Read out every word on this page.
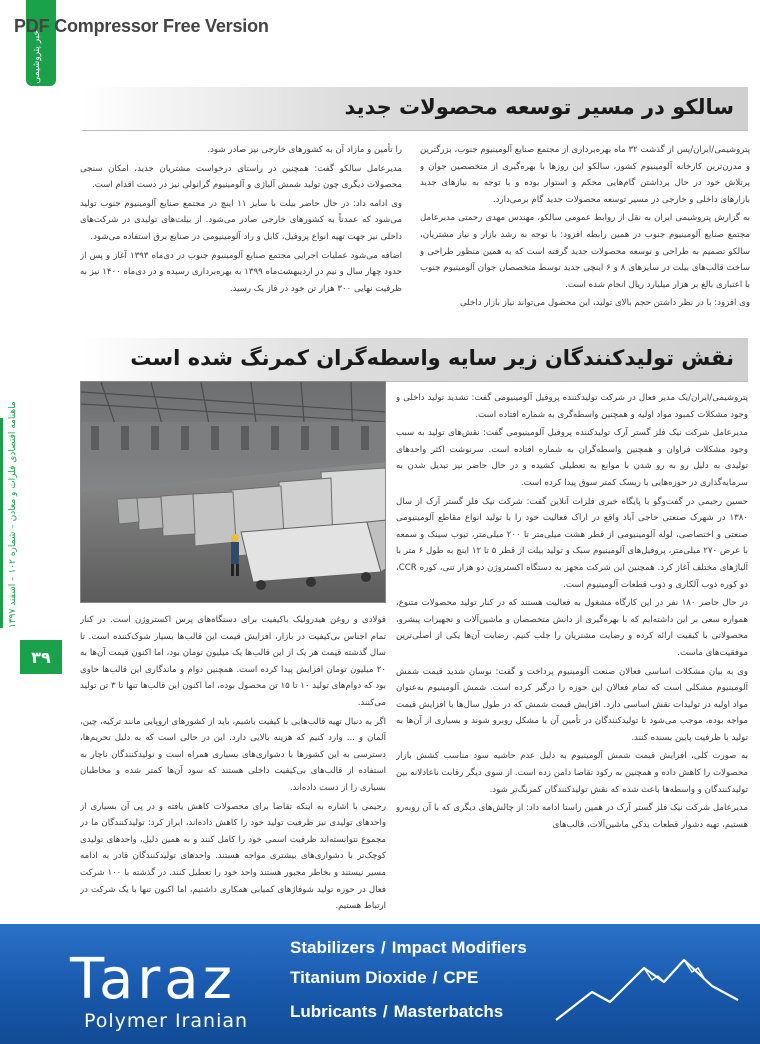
PDF Compressor Free Version
خبر پتروشیمی
ماهنامه اقتصادی فلزات و معادن – شماره ۱۰۲ – اسفند ۱۳۹۷
۳۹
سالکو در مسیر توسعه محصولات جدید

پتروشیمی/ایران/پس از گذشت ۳۲ ماه بهره‌برداری از مجتمع صنایع آلومینیوم جنوب، بزرگترین و مدرن‌ترین کارخانه آلومینیوم کشور، سالکو این روزها با بهره‌گیری از متخصصین جوان و پرتلاش خود در حال برداشتن گام‌هایی محکم و استوار بوده و با توجه به نیازهای جدید بازارهای داخلی و خارجی در مسیر توسعه محصولات جدید گام برمی‌دارد.

به گزارش پتروشیمی ایران به نقل از روابط عمومی سالکو، مهندس مهدی رحمتی مدیرعامل مجتمع صنایع آلومینیوم جنوب در همین رابطه افزود: با توجه به رشد بازار و نیاز مشتریان، سالکو تصمیم به طراحی و توسعه محصولات جدید گرفته است که به همین منظور طراحی و ساخت قالب‌های بیلت در سایزهای ۸ و ۶ اینچی جدید توسط متخصصان جوان آلومینیوم جنوب با اعتباری بالغ بر هزار میلیارد ریال انجام شده است.

وی افزود: با در نظر داشتن حجم بالای تولید، این محصول می‌تواند نیاز بازار داخلی

را تأمین و مازاد آن به کشورهای خارجی نیز صادر شود.

مدیرعامل سالکو گفت: همچنین در راستای درخواست مشتریان جدید، امکان سنجی محصولات دیگری چون تولید شمش آلیاژی و آلومینیوم گرانولی نیز در دست اقدام است.

وی ادامه داد: در حال حاضر بیلت با سایز ۱۱ اینچ در مجتمع صنایع آلومینیوم جنوب تولید می‌شود که عمدتاً به کشورهای خارجی صادر می‌شود. از بیلت‌های تولیدی در شرکت‌های داخلی نیز جهت تهیه انواع پروفیل، کابل و راد آلومینیومی در صنایع برق استفاده می‌شود.

اضافه می‌شود عملیات اجرایی مجتمع صنایع آلومینیوم جنوب در دی‌ماه ۱۳۹۳ آغاز و پس از حدود چهار سال و نیم در اردیبهشت‌ماه ۱۳۹۹ به بهره‌برداری رسیده و در دی‌ماه ۱۴۰۰ نیز به ظرفیت نهایی ۳۰۰ هزار تن خود در فاز یک رسید.

نقش تولیدکنندگان زیر سایه واسطه‌گران کمرنگ شده است

پتروشیمی/ایران/یک مدیر فعال در شرکت تولیدکننده پروفیل آلومینیومی گفت: تشدید تولید داخلی و وجود مشکلات کمبود مواد اولیه و همچنین واسطه‌گری به شماره افتاده است.

مدیرعامل شرکت نیک فلز گستر آرک تولیدکننده پروفیل آلومینیومی گفت: نقش‌های تولید به سبب وجود مشکلات فراوان و همچنین واسطه‌گران به شماره افتاده است. سرنوشت اکثر واحدهای تولیدی به دلیل رو به رو شدن با موانع به تعطیلی کشیده و در حال حاضر نیز تبدیل شدن به سرمایه‌گذاری در حوزه‌هایی با ریسک کمتر سوق پیدا کرده است.

حسین رحیمی در گفت‌وگو با پایگاه خبری فلزات آنلاین گفت: شرکت نیک فلز گستر آرک از سال ۱۳۸۰ در شهرک صنعتی حاجی آباد واقع در اراک فعالیت خود را با تولید انواع مقاطع آلومینیومی صنعتی و اختصاصی، لوله آلومینیومی از قطر هشت میلی‌متر تا ۲۰۰ میلی‌متر، تیوب سینک و سمعه با عرض ۲۷۰ میلی‌متر، پروفیل‌های آلومینیوم سبک و تولید بیلت از قطر ۵ تا ۱۲ اینچ به طول ۶ متر با آلیاژهای مختلف آغاز کرد. همچنین این شرکت مجهز به دستگاه اکستروژن دو هزار تنی، کوره CCR، دو کوره ذوب آلکاری و ذوب قطعات آلومینیوم است.

در حال حاضر ۱۸۰ نفر در این کارگاه مشغول به فعالیت هستند که در کنار تولید محصولات متنوع، همواره سعی بر این داشته‌ایم که با بهره‌گیری از دانش متخصصان و ماشین‌آلات و تجهیزات پیشرو، محصولاتی با کیفیت ارائه کرده و رضایت مشتریان را جلب کنیم. رضایت آن‌ها یکی از اصلی‌ترین موفقیت‌های ماست.

وی به بیان مشکلات اساسی فعالان صنعت آلومینیوم پرداخت و گفت: نوسان شدید قیمت شمش آلومینیوم مشکلی است که تمام فعالان این حوزه را درگیر کرده است. شمش آلومینیوم به‌عنوان مواد اولیه در تولیدات نقش اساسی دارد. افزایش قیمت شمش که در طول سال‌ها با افزایش قیمت مواجه بوده، موجب می‌شود تا تولیدکنندگان در تأمین آن با مشکل روبرو شوند و بسیاری از آن‌ها به تولید با ظرفیت پایین بسنده کنند.

به صورت کلی، افزایش قیمت شمش آلومینیوم به دلیل عدم حاشیه سود مناسب کشش بازار محصولات را کاهش داده و همچنین به رکود تقاضا دامن زده است. از سوی دیگر رقابت ناعادلانه بین تولیدکنندگان و واسطه‌ها باعث شده که نقش تولیدکنندگان کمرنگ‌تر شود.

مدیرعامل شرکت نیک فلز گستر آرک در همین راستا ادامه داد: از چالش‌های دیگری که با آن روبه‌رو هستیم، تهیه دشوار قطعات یدکی ماشین‌آلات، قالب‌های

فولادی و روغن هیدرولیک باکیفیت برای دستگاه‌های پرس اکستروژن است. در کنار تمام اجناس بی‌کیفیت در بازار، افزایش قیمت این قالب‌ها بسیار شوک‌کننده است. تا سال گذشته قیمت هر یک از این قالب‌ها یک میلیون تومان بود، اما اکنون قیمت آن‌ها به ۲۰ میلیون تومان افزایش پیدا کرده است. همچنین دوام و ماندگاری این قالب‌ها حاوی بود که دوام‌های تولید ۱۰ تا ۱۵ تن محصول بوده، اما اکنون این قالب‌ها تنها تا ۳ تن تولید می‌کنند.

اگر به دنبال تهیه قالب‌هایی با کیفیت باشیم، باید از کشورهای اروپایی مانند ترکیه، چین، آلمان و ... وارد کنیم که هزینه بالایی دارد. این در حالی است که به دلیل تحریم‌ها، دسترسی به این کشورها با دشواری‌های بسیاری همراه است و تولیدکنندگان ناچار به استفاده از قالب‌های بی‌کیفیت داخلی هستند که سود آن‌ها کمتر شده و مخاطبان بسیاری را از دست داده‌اند.

رحیمی با اشاره به اینکه تقاضا برای محصولات کاهش یافته و در پی آن بسیاری از واحدهای تولیدی نیز ظرفیت تولید خود را کاهش داده‌اند، ابراز کرد: تولیدکنندگان ما در مجموع نتوانسته‌اند ظرفیت اسمی خود را کامل کنند و به همین دلیل، واحدهای تولیدی کوچک‌تر با دشواری‌های بیشتری مواجه هستند. واحدهای تولیدکنندگان قادر به ادامه مسیر نیستند و بخاطر مجبور هستند واحد خود را تعطیل کنند. در گذشته با ۱۰۰ شرکت فعال در حوزه تولید شوفاژهای کمیابی همکاری داشتیم، اما اکنون تنها با یک شرکت در ارتباط هستیم.

Taraz
Polymer Iranian
Stabilizers / Impact Modifiers
Titanium Dioxide / CPE
Lubricants / Masterbatchs
